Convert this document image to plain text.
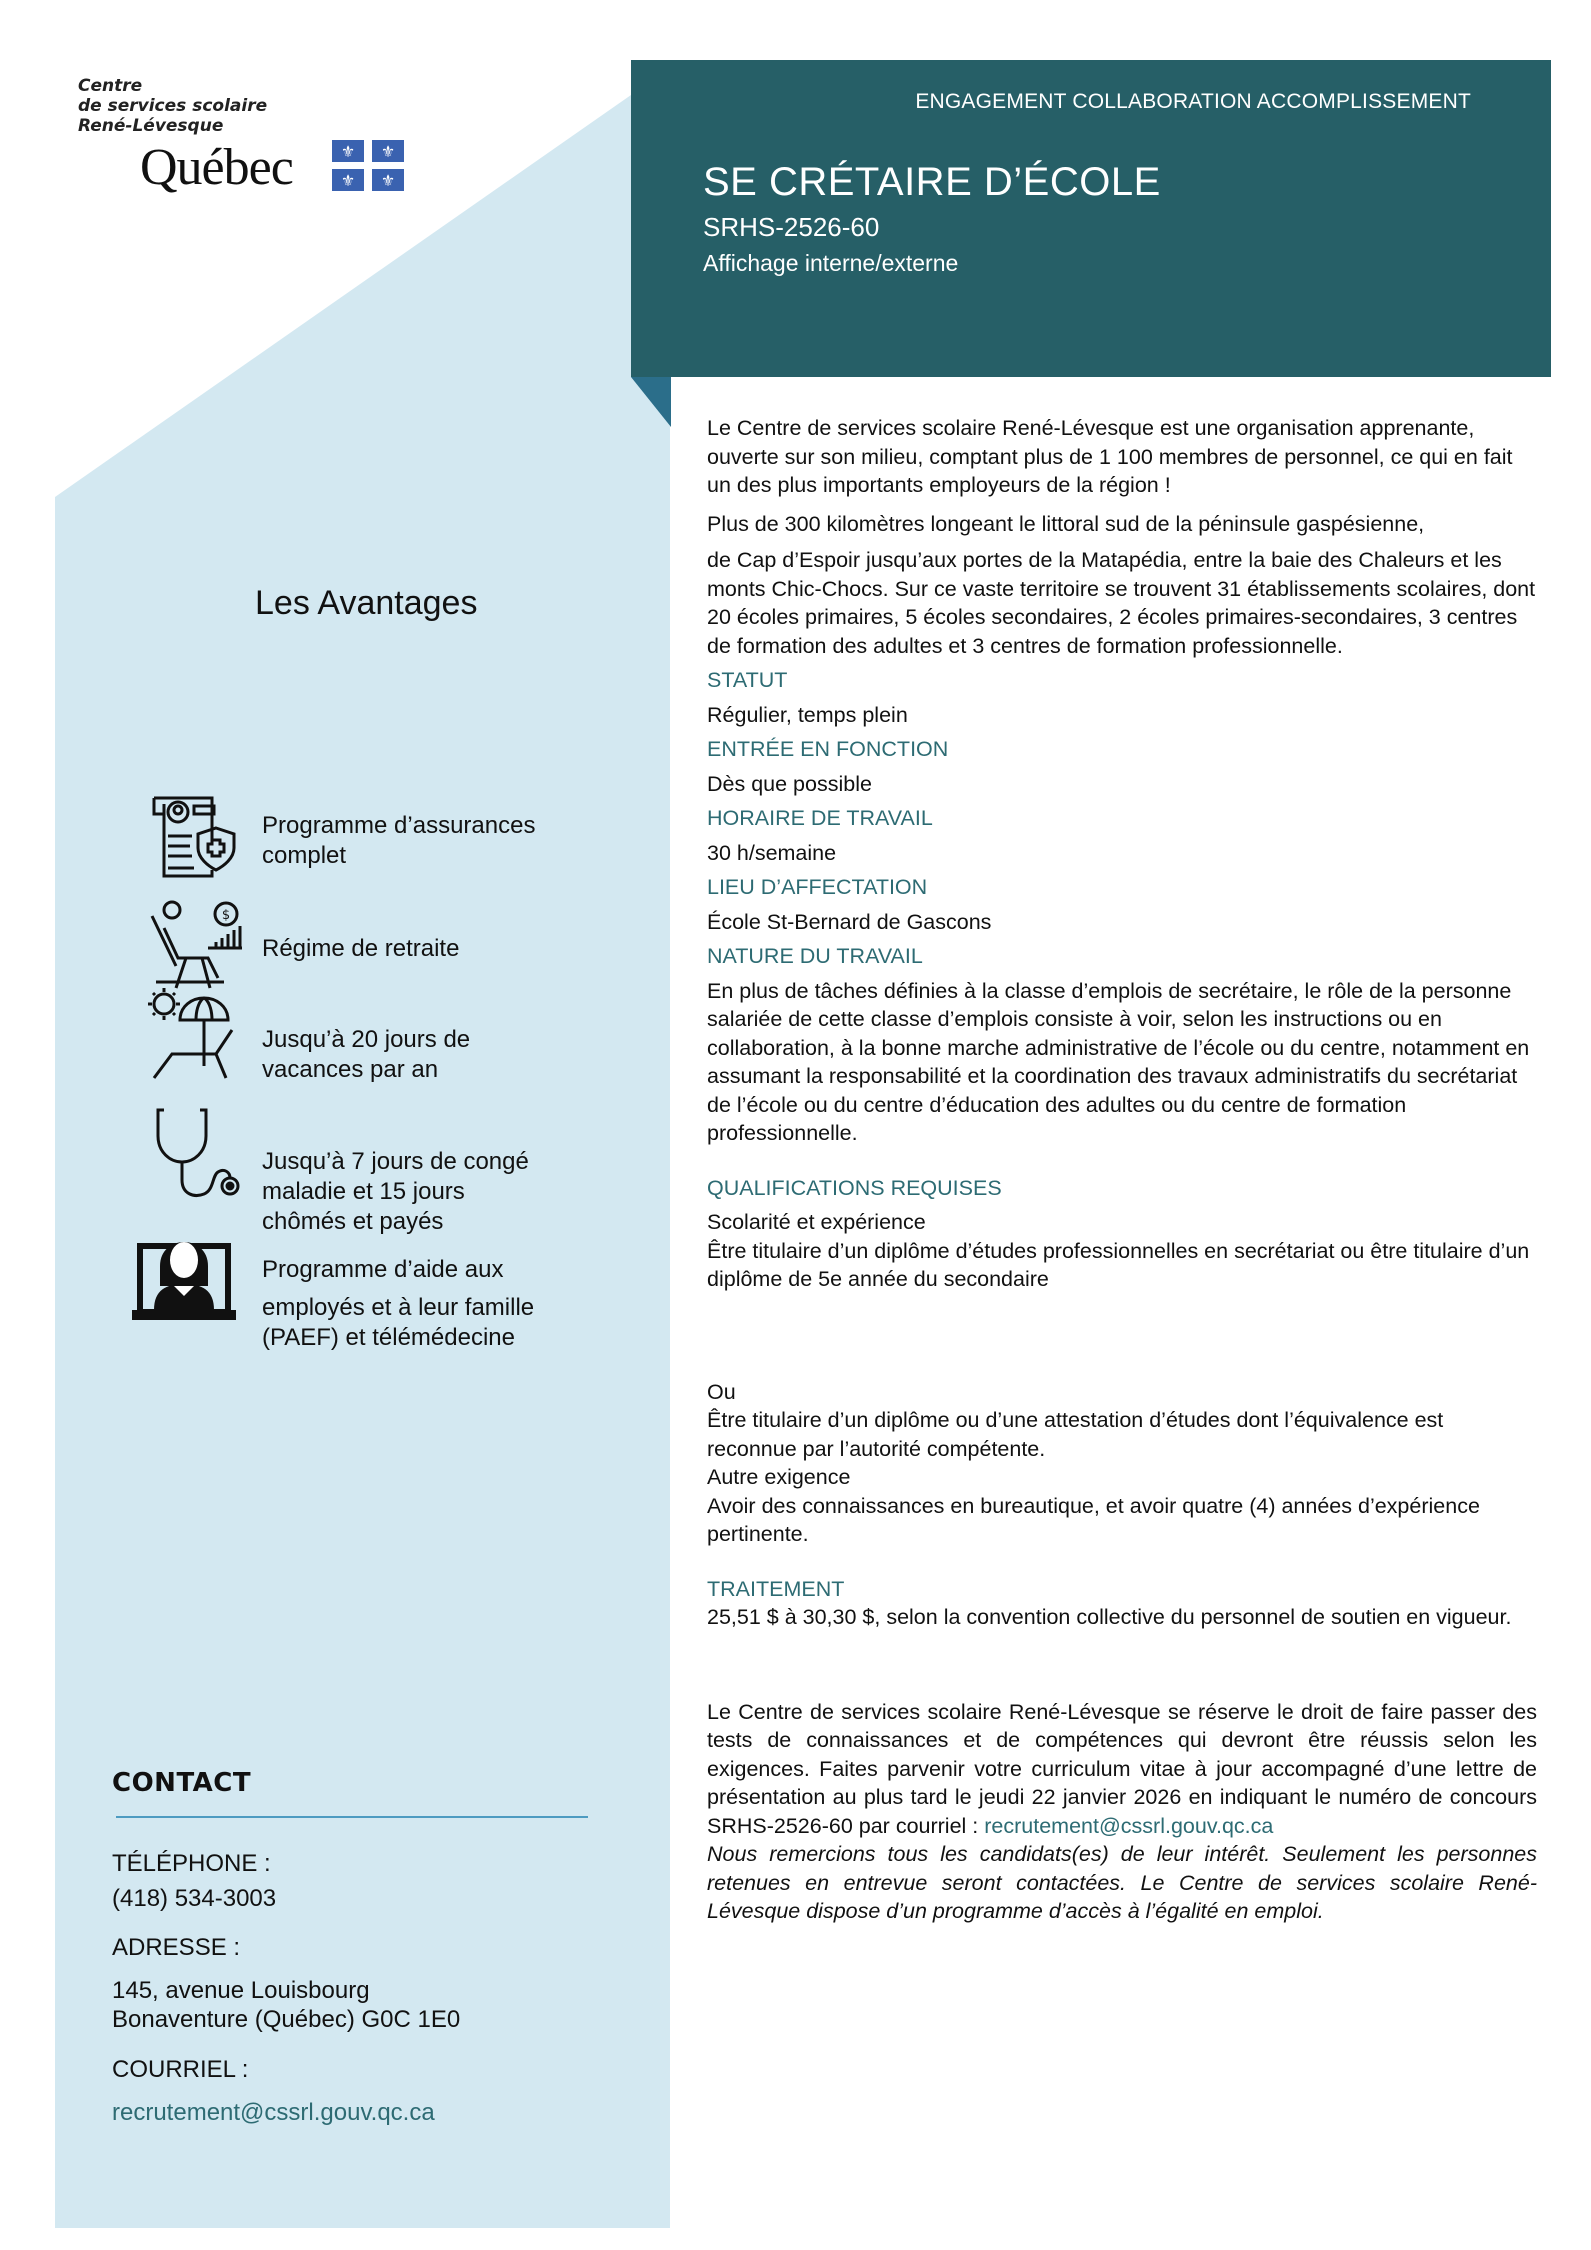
Centre
de services scolaire
René-Lévesque
Québec	⚜ ⚜
⚜ ⚜
ENGAGEMENT COLLABORATION ACCOMPLISSEMENT
SE CRÉTAIRE D’ÉCOLE
SRHS-2526-60
Affichage interne/externe

Le Centre de services scolaire René-Lévesque est une organisation apprenante, ouverte sur son milieu, comptant plus de 1 100 membres de personnel, ce qui en fait un des plus importants employeurs de la région !

Plus de 300 kilomètres longeant le littoral sud de la péninsule gaspésienne,

de Cap d’Espoir jusqu’aux portes de la Matapédia, entre la baie des Chaleurs et les monts Chic-Chocs. Sur ce vaste territoire se trouvent 31 établissements scolaires, dont 20 écoles primaires, 5 écoles secondaires, 2 écoles primaires-secondaires, 3 centres de formation des adultes et 3 centres de formation professionnelle.

STATUT

Régulier, temps plein

ENTRÉE EN FONCTION

Dès que possible

HORAIRE DE TRAVAIL

30 h/semaine

LIEU D’AFFECTATION

École St-Bernard de Gascons

NATURE DU TRAVAIL

En plus de tâches définies à la classe d’emplois de secrétaire, le rôle de la personne salariée de cette classe d’emplois consiste à voir, selon les instructions ou en collaboration, à la bonne marche administrative de l’école ou du centre, notamment en assumant la responsabilité et la coordination des travaux administratifs du secrétariat de l’école ou du centre d’éducation des adultes ou du centre de formation professionnelle.

QUALIFICATIONS REQUISES

Scolarité et expérience

Être titulaire d’un diplôme d’études professionnelles en secrétariat ou être titulaire d’un diplôme de 5e année du secondaire

Ou

Être titulaire d’un diplôme ou d’une attestation d’études dont l’équivalence est reconnue par l’autorité compétente.

Autre exigence

Avoir des connaissances en bureautique, et avoir quatre (4) années d’expérience pertinente.

TRAITEMENT

25,51 $ à 30,30 $, selon la convention collective du personnel de soutien en vigueur.

Le Centre de services scolaire René-Lévesque se réserve le droit de faire passer des tests de connaissances et de compétences qui devront être réussis selon les exigences. Faites parvenir votre curriculum vitae à jour accompagné d’une lettre de présentation au plus tard le jeudi 22 janvier 2026 en indiquant le numéro de concours SRHS-2526-60 par courriel : recrutement@cssrl.gouv.qc.ca

Nous remercions tous les candidats(es) de leur intérêt. Seulement les personnes retenues en entrevue seront contactées. Le Centre de services scolaire René-Lévesque dispose d’un programme d’accès à l’égalité en emploi.

Les Avantages
$
Programme d’assurances
complet
Régime de retraite
Jusqu’à 20 jours de
vacances par an
Jusqu’à 7 jours de congé
maladie et 15 jours
chômés et payés
Programme d’aide aux
employés et à leur famille
(PAEF) et télémédecine
CONTACT
TÉLÉPHONE :
(418) 534-3003
ADRESSE :
145, avenue Louisbourg
Bonaventure (Québec) G0C 1E0
COURRIEL :
recrutement@cssrl.gouv.qc.ca
